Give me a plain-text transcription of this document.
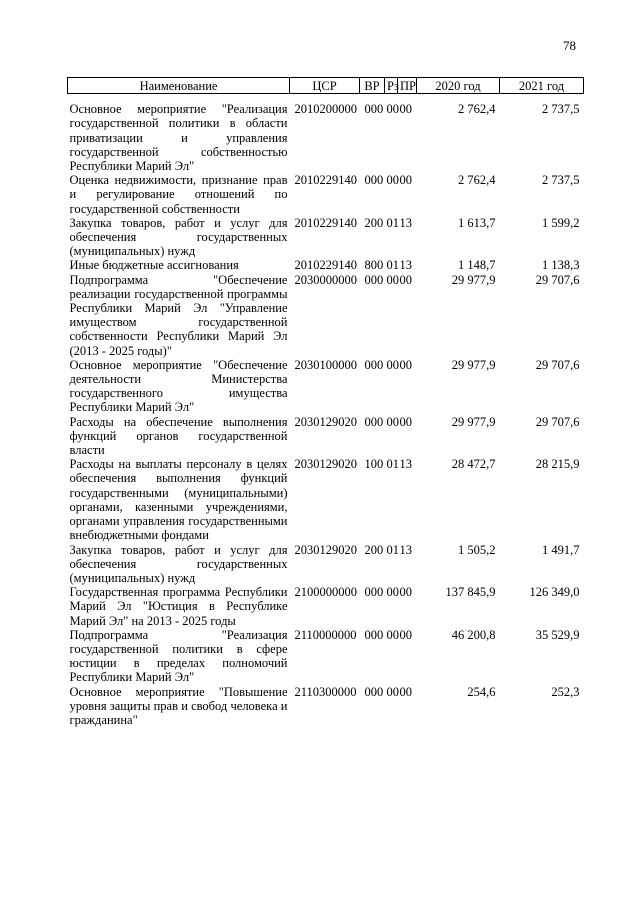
78
Наименование	ЦСР	ВР	Рз	ПР	2020 год	2021 год
Основное мероприятие "Реализация государственной политики в области приватизации и управления государственной собственностью Республики Марий Эл"	2010200000	000	00	00	2 762,4	2 737,5
Оценка недвижимости, признание прав и регулирование отношений по государственной собственности	2010229140	000	00	00	2 762,4	2 737,5
Закупка товаров, работ и услуг для обеспечения государственных (муниципальных) нужд	2010229140	200	01	13	1 613,7	1 599,2
Иные бюджетные ассигнования	2010229140	800	01	13	1 148,7	1 138,3
Подпрограмма "Обеспечение реализации государственной программы Республики Марий Эл "Управление имуществом государственной собственности Республики Марий Эл (2013 - 2025 годы)"	2030000000	000	00	00	29 977,9	29 707,6
Основное мероприятие "Обеспечение деятельности Министерства государственного имущества Республики Марий Эл"	2030100000	000	00	00	29 977,9	29 707,6
Расходы на обеспечение выполнения функций органов государственной власти	2030129020	000	00	00	29 977,9	29 707,6
Расходы на выплаты персоналу в целях обеспечения выполнения функций государственными (муниципальными) органами, казенными учреждениями, органами управления государственными внебюджетными фондами	2030129020	100	01	13	28 472,7	28 215,9
Закупка товаров, работ и услуг для обеспечения государственных (муниципальных) нужд	2030129020	200	01	13	1 505,2	1 491,7
Государственная программа Республики Марий Эл "Юстиция в Республике Марий Эл" на 2013 - 2025 годы	2100000000	000	00	00	137 845,9	126 349,0
Подпрограмма "Реализация государственной политики в сфере юстиции в пределах полномочий Республики Марий Эл"	2110000000	000	00	00	46 200,8	35 529,9
Основное мероприятие "Повышение уровня защиты прав и свобод человека и гражданина"	2110300000	000	00	00	254,6	252,3
